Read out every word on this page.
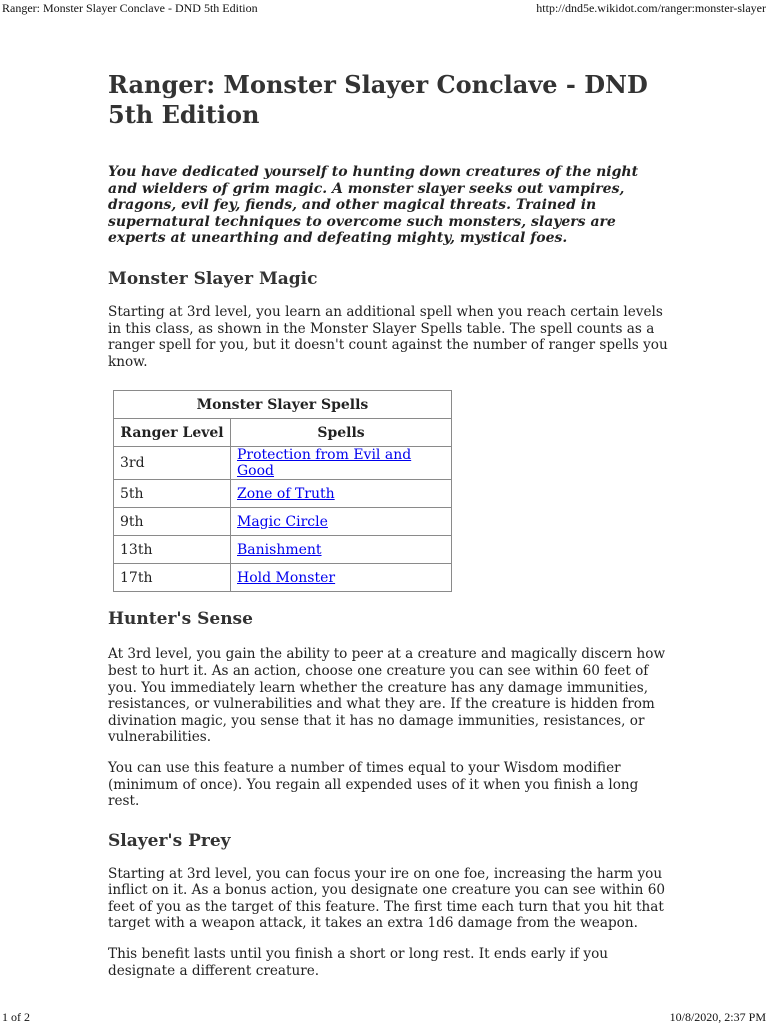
Ranger: Monster Slayer Conclave - DND 5th Edition	http://dnd5e.wikidot.com/ranger:monster-slayer
Ranger: Monster Slayer Conclave - DND 5th Edition

You have dedicated yourself to hunting down creatures of the night and wielders of grim magic. A monster slayer seeks out vampires, dragons, evil fey, fiends, and other magical threats. Trained in supernatural techniques to overcome such monsters, slayers are experts at unearthing and defeating mighty, mystical foes.

Monster Slayer Magic

Starting at 3rd level, you learn an additional spell when you reach certain levels in this class, as shown in the Monster Slayer Spells table. The spell counts as a ranger spell for you, but it doesn't count against the number of ranger spells you know.

Monster Slayer Spells	
Ranger Level	Spells
3rd	Protection from Evil and Good
5th	Zone of Truth
9th	Magic Circle
13th	Banishment
17th	Hold Monster
Hunter's Sense

At 3rd level, you gain the ability to peer at a creature and magically discern how best to hurt it. As an action, choose one creature you can see within 60 feet of you. You immediately learn whether the creature has any damage immunities, resistances, or vulnerabilities and what they are. If the creature is hidden from divination magic, you sense that it has no damage immunities, resistances, or vulnerabilities.

You can use this feature a number of times equal to your Wisdom modifier (minimum of once). You regain all expended uses of it when you finish a long rest.

Slayer's Prey

Starting at 3rd level, you can focus your ire on one foe, increasing the harm you inflict on it. As a bonus action, you designate one creature you can see within 60 feet of you as the target of this feature. The first time each turn that you hit that target with a weapon attack, it takes an extra 1d6 damage from the weapon.

This benefit lasts until you finish a short or long rest. It ends early if you designate a different creature.

1 of 2	10/8/2020, 2:37 PM
